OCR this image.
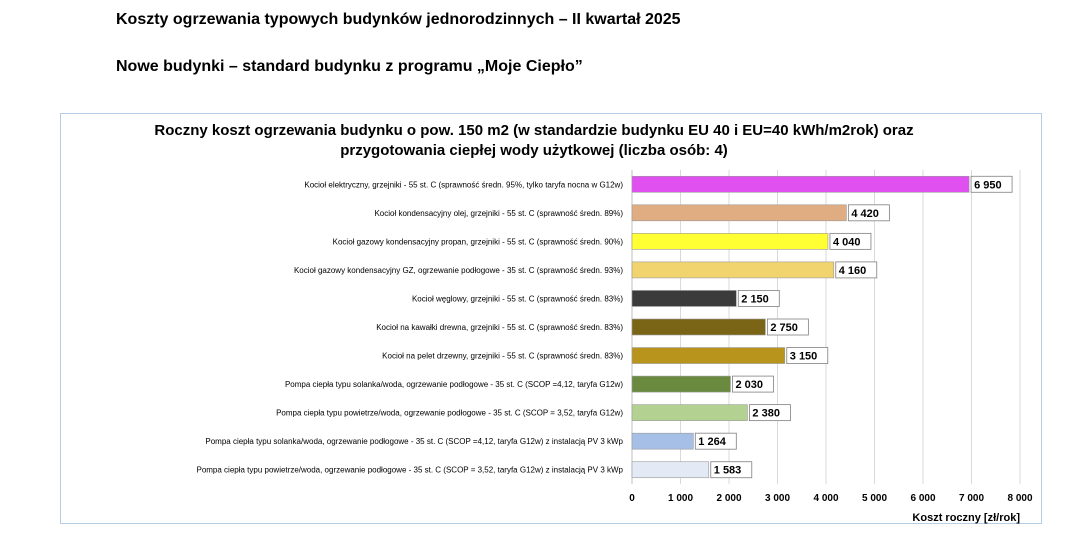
Koszty ogrzewania typowych budynków jednorodzinnych – II kwartał 2025
Nowe budynki – standard budynku z programu „Moje Ciepło”
Roczny koszt ogrzewania budynku o pow. 150 m2 (w standardzie budynku EU 40 i EU=40 kWh/m2rok) oraz
przygotowania ciepłej wody użytkowej (liczba osób: 4)
0	1 000 2 000 3 000 4 000 5 000 6 000 7 000 8 000
Koszt roczny [zł/rok]
Kocioł elektryczny, grzejniki - 55 st. C (sprawność średn. 95%, tylko taryfa nocna w G12w)	6 950
Kocioł kondensacyjny olej, grzejniki - 55 st. C (sprawność średn. 89%)	4 420
Kocioł gazowy kondensacyjny propan, grzejniki - 55 st. C (sprawność średn. 90%)	4 040
Kocioł gazowy kondensacyjny GZ, ogrzewanie podłogowe - 35 st. C (sprawność średn. 93%)	4 160
Kocioł węglowy, grzejniki - 55 st. C (sprawność średn. 83%)	2 150
Kocioł na kawałki drewna, grzejniki - 55 st. C (sprawność średn. 83%)	2 750
Kocioł na pelet drzewny, grzejniki - 55 st. C (sprawność średn. 83%)	3 150
Pompa ciepła typu solanka/woda, ogrzewanie podłogowe - 35 st. C (SCOP =4,12, taryfa G12w)	2 030
Pompa ciepła typu powietrze/woda, ogrzewanie podłogowe - 35 st. C (SCOP = 3,52, taryfa G12w)	2 380
Pompa ciepła typu solanka/woda, ogrzewanie podłogowe - 35 st. C (SCOP =4,12, taryfa G12w) z instalacją PV 3 kWp	1 264
Pompa ciepła typu powietrze/woda, ogrzewanie podłogowe - 35 st. C (SCOP = 3,52, taryfa G12w) z instalacją PV 3 kWp	1 583
